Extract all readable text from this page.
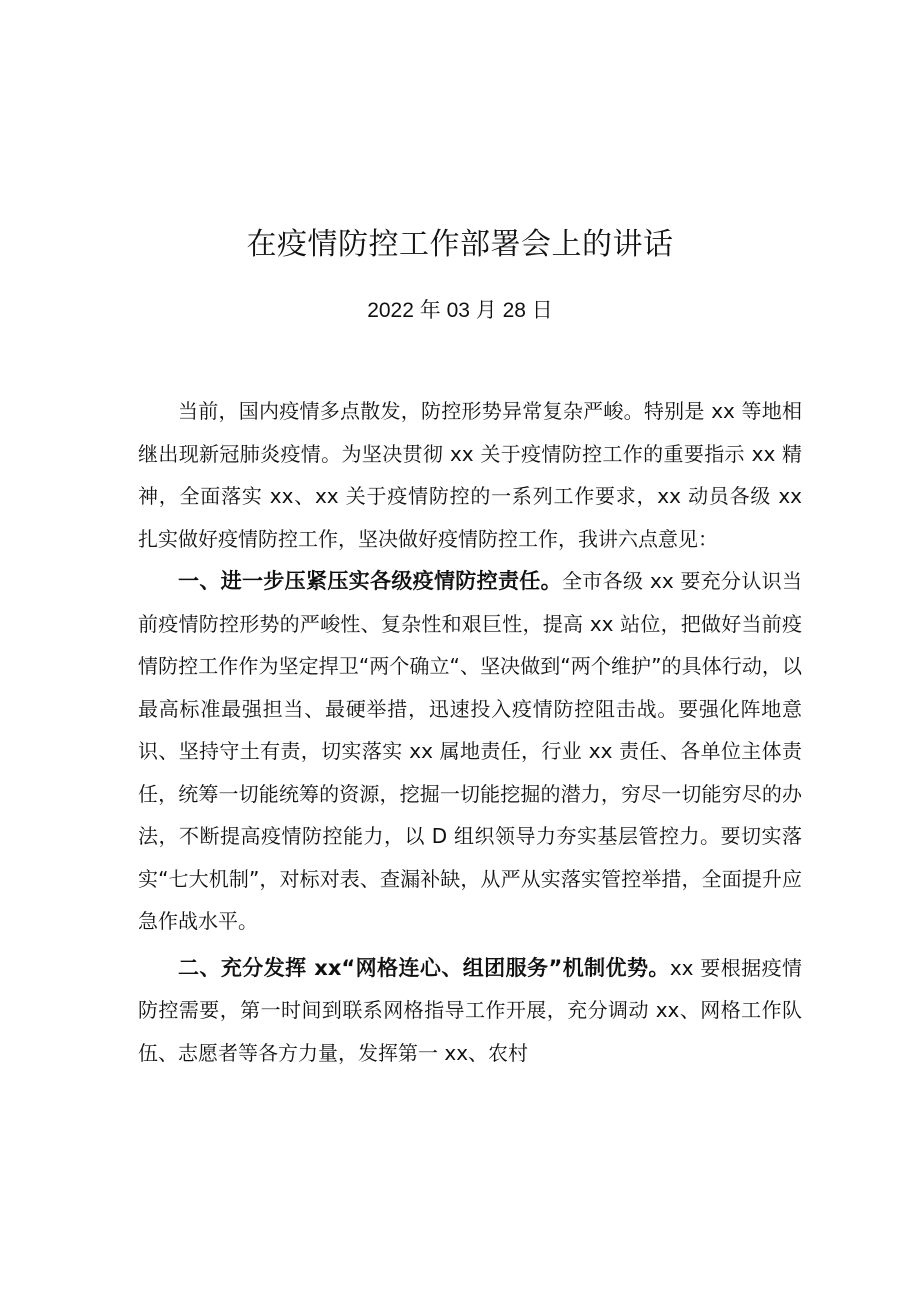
在疫情防控工作部署会上的讲话
2022 年 03 月 28 日

当前，国内疫情多点散发，防控形势异常复杂严峻。特别是 xx 等地相继出现新冠肺炎疫情。为坚决贯彻 xx 关于疫情防控工作的重要指示 xx 精神，全面落实 xx、xx 关于疫情防控的一系列工作要求，xx 动员各级 xx 扎实做好疫情防控工作，坚决做好疫情防控工作，我讲六点意见：

一、进一步压紧压实各级疫情防控责任。全市各级 xx 要充分认识当前疫情防控形势的严峻性、复杂性和艰巨性，提高 xx 站位，把做好当前疫情防控工作作为坚定捍卫“两个确立“、坚决做到“两个维护”的具体行动，以最高标准最强担当、最硬举措，迅速投入疫情防控阻击战。要强化阵地意识、坚持守土有责，切实落实 xx 属地责任，行业 xx 责任、各单位主体责任，统筹一切能统筹的资源，挖掘一切能挖掘的潜力，穷尽一切能穷尽的办法，不断提高疫情防控能力，以 D 组织领导力夯实基层管控力。要切实落实“七大机制”，对标对表、查漏补缺，从严从实落实管控举措，全面提升应急作战水平。

二、充分发挥 xx“网格连心、组团服务”机制优势。xx 要根据疫情防控需要，第一时间到联系网格指导工作开展，充分调动 xx、网格工作队伍、志愿者等各方力量，发挥第一 xx、农村
